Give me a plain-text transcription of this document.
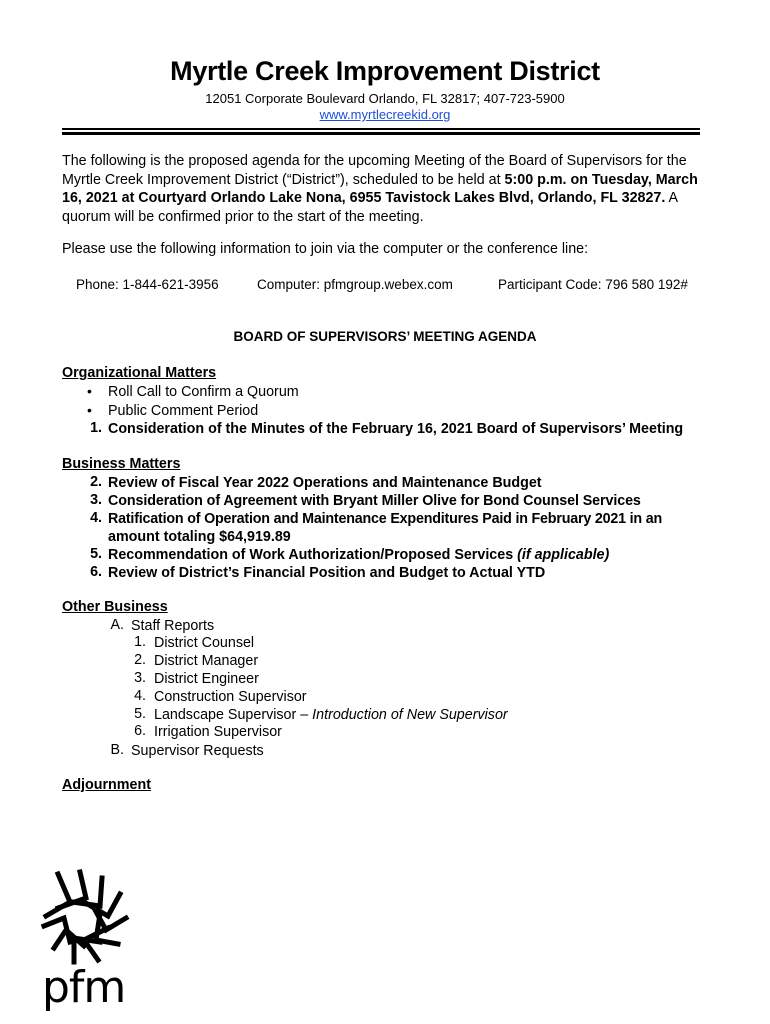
Myrtle Creek Improvement District
12051 Corporate Boulevard Orlando, FL 32817; 407-723-5900
www.myrtlecreekid.org

The following is the proposed agenda for the upcoming Meeting of the Board of Supervisors for the Myrtle Creek Improvement District (“District”), scheduled to be held at 5:00 p.m. on Tuesday, March 16, 2021 at Courtyard Orlando Lake Nona, 6955 Tavistock Lakes Blvd, Orlando, FL 32827. A quorum will be confirmed prior to the start of the meeting.

Please use the following information to join via the computer or the conference line:
Phone: 1-844-621-3956	Computer: pfmgroup.webex.com	Participant Code: 796 580 192#
BOARD OF SUPERVISORS’ MEETING AGENDA
Organizational Matters
• Roll Call to Confirm a Quorum
• Public Comment Period
1. Consideration of the Minutes of the February 16, 2021 Board of Supervisors’ Meeting
Business Matters
2. Review of Fiscal Year 2022 Operations and Maintenance Budget
3. Consideration of Agreement with Bryant Miller Olive for Bond Counsel Services
4. Ratification of Operation and Maintenance Expenditures Paid in February 2021 in an
amount totaling $64,919.89
5. Recommendation of Work Authorization/Proposed Services (if applicable)
6. Review of District’s Financial Position and Budget to Actual YTD
Other Business
A. Staff Reports
1. District Counsel
2. District Manager
3. District Engineer
4. Construction Supervisor
5. Landscape Supervisor – Introduction of New Supervisor
6. Irrigation Supervisor
B. Supervisor Requests
Adjournment
pfm
